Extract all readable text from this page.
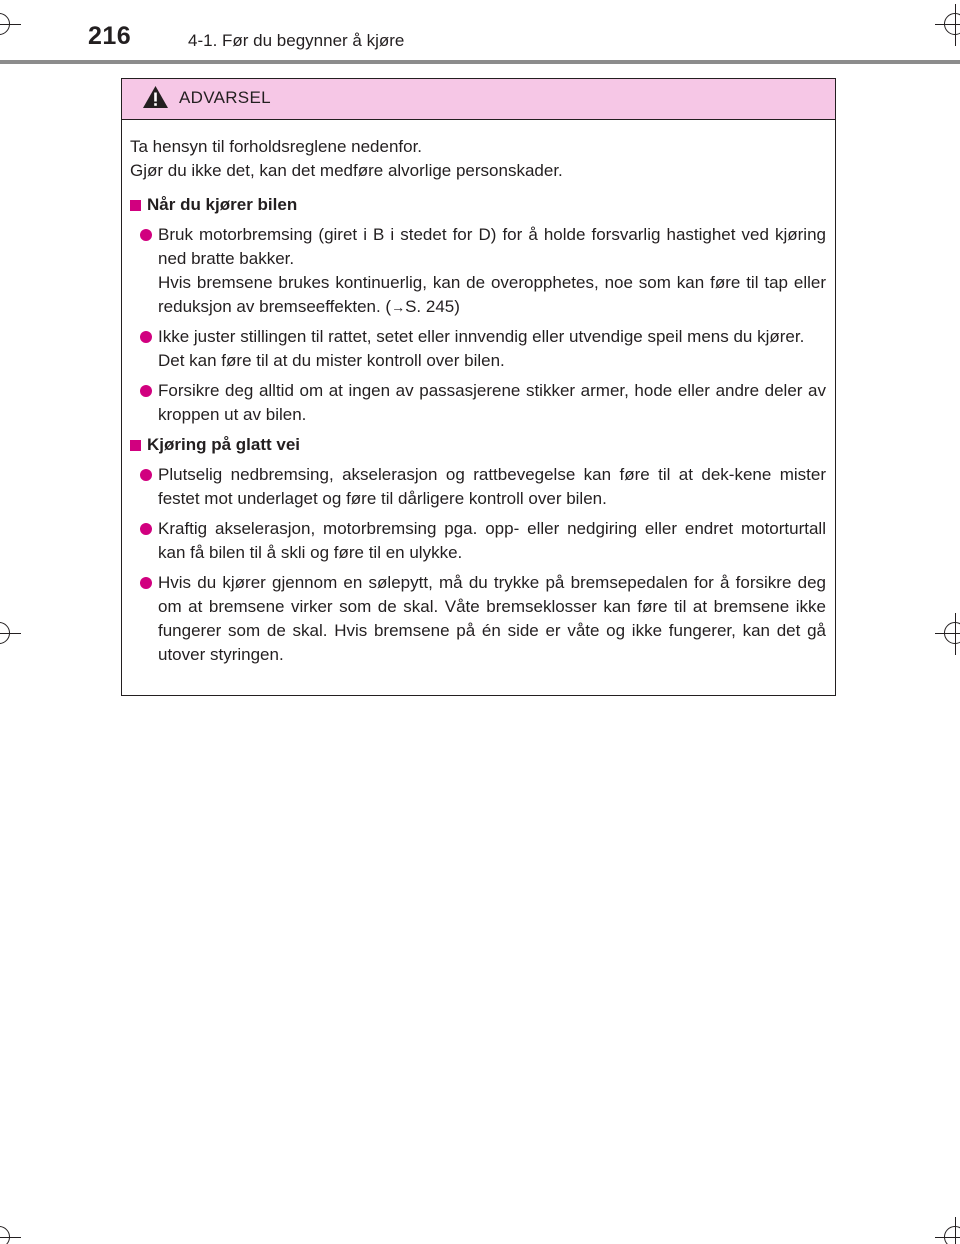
216	4-1. Før du begynner å kjøre
ADVARSEL

Ta hensyn til forholdsreglene nedenfor.

Gjør du ikke det, kan det medføre alvorlige personskader.

Når du kjører bilen

Bruk motorbremsing (giret i B i stedet for D) for å holde forsvarlig hastighet ved kjøring ned bratte bakker.

Hvis bremsene brukes kontinuerlig, kan de overopphetes, noe som kan føre til tap eller reduksjon av bremseeffekten. (→S. 245)

Ikke juster stillingen til rattet, setet eller innvendig eller utvendige speil mens du kjører.

Det kan føre til at du mister kontroll over bilen.

Forsikre deg alltid om at ingen av passasjerene stikker armer, hode eller andre deler av kroppen ut av bilen.

Kjøring på glatt vei

Plutselig nedbremsing, akselerasjon og rattbevegelse kan føre til at dek-kene mister festet mot underlaget og føre til dårligere kontroll over bilen.

Kraftig akselerasjon, motorbremsing pga. opp- eller nedgiring eller endret motorturtall kan få bilen til å skli og føre til en ulykke.

Hvis du kjører gjennom en sølepytt, må du trykke på bremsepedalen for å forsikre deg om at bremsene virker som de skal. Våte bremseklosser kan føre til at bremsene ikke fungerer som de skal. Hvis bremsene på én side er våte og ikke fungerer, kan det gå utover styringen.
